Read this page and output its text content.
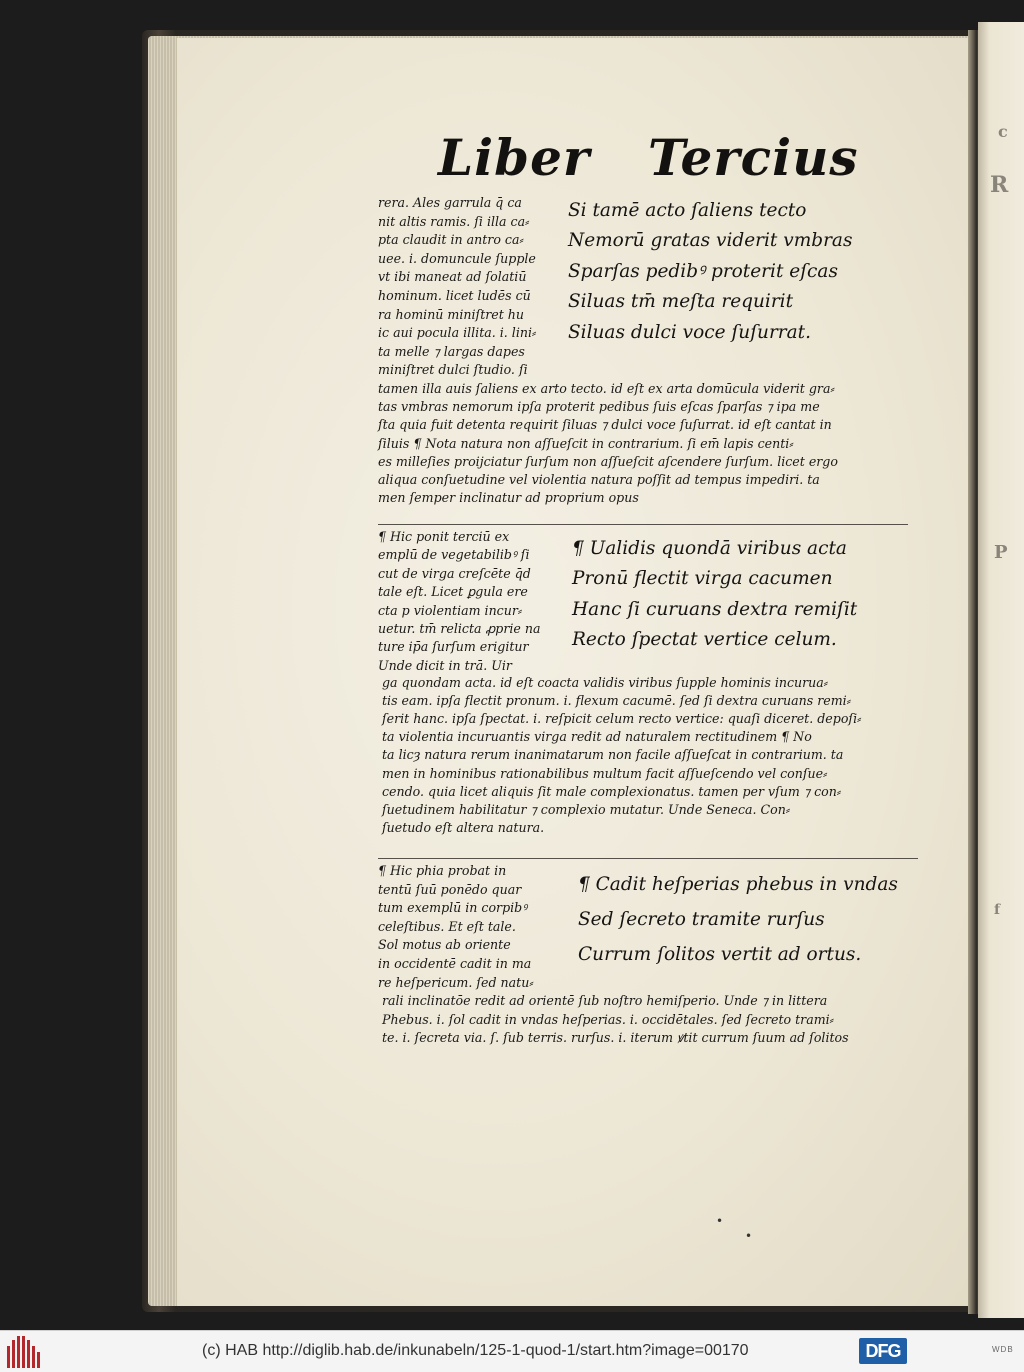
c
R
P
f
Liber Tercius
rera. Ales garrula q̄ ca
nit altis ramis. ſi illa ca⸗
pta claudit in antro ca⸗
uee. i. domuncule ſupple
vt ibi maneat ad ſolatiū
hominum. licet ludēs cū
ra hominū miniſtret hu
ic aui pocula illita. i. lini⸗
ta melle ⁊ largas dapes
miniſtret dulci ſtudio. ſi
Si tamē acto ſaliens tecto
Nemorū gratas viderit vmbras
Sparſas pedibꝰ proterit eſcas
Siluas tm̄ meſta requirit
Siluas dulci voce ſuſurrat.
tamen illa auis ſaliens ex arto tecto. id eſt ex arta domūcula viderit gra⸗
tas vmbras nemorum ipſa proterit pedibus ſuis eſcas ſparſas ⁊ ipa me
ſta quia fuit detenta requirit ſiluas ⁊ dulci voce ſuſurrat. id eſt cantat in
ſiluis ¶ Nota natura non aſſueſcit in contrarium. ſi em̄ lapis centi⸗
es milleſies proijciatur ſurſum non aſſueſcit aſcendere ſurſum. licet ergo
aliqua conſuetudine vel violentia natura poſſit ad tempus impediri. ta
men ſemper inclinatur ad proprium opus
¶ Hic ponit terciū ex
emplū de vegetabilibꝰ ſi
cut de virga creſcēte q̄d
tale eſt. Licet ꝑgula ere
cta p violentiam incur⸗
uetur. tm̄ relicta ꝓprie na
ture ip̄a ſurſum erigitur
Unde dicit in trā. Uir
¶ Ualidis quondā viribus acta
Pronū flectit virga cacumen
Hanc ſi curuans dextra remiſit
Recto ſpectat vertice celum.
ga quondam acta. id eſt coacta validis viribus ſupple hominis incurua⸗
tis eam. ipſa flectit pronum. i. flexum cacumē. ſed ſi dextra curuans remi⸗
ſerit hanc. ipſa ſpectat. i. reſpicit celum recto vertice: quaſi diceret. depoſi⸗
ta violentia incuruantis virga redit ad naturalem rectitudinem ¶ No
ta licȝ natura rerum inanimatarum non facile aſſueſcat in contrarium. ta
men in hominibus rationabilibus multum facit aſſueſcendo vel conſue⸗
cendo. quia licet aliquis ſit male complexionatus. tamen per vſum ⁊ con⸗
ſuetudinem habilitatur ⁊ complexio mutatur. Unde Seneca. Con⸗
ſuetudo eſt altera natura.
¶ Hic phia probat in
tentū ſuū ponēdo quar
tum exemplū in corpibꝰ
celeſtibus. Et eſt tale.
Sol motus ab oriente
in occidentē cadit in ma
re heſpericum. ſed natu⸗
¶ Cadit heſperias phebus in vndas
Sed ſecreto tramite rurſus
Currum ſolitos vertit ad ortus.
rali inclinatōe redit ad orientē ſub noſtro hemiſperio. Unde ⁊ in littera
Phebus. i. ſol cadit in vndas heſperias. i. occidētales. ſed ſecreto trami⸗
te. i. ſecreta via. ſ. ſub terris. rurſus. i. iterum ꝟtit currum ſuum ad ſolitos
•
•
(c) HAB http://diglib.hab.de/inkunabeln/125-1-quod-1/start.htm?image=00170	DFG	WDB
